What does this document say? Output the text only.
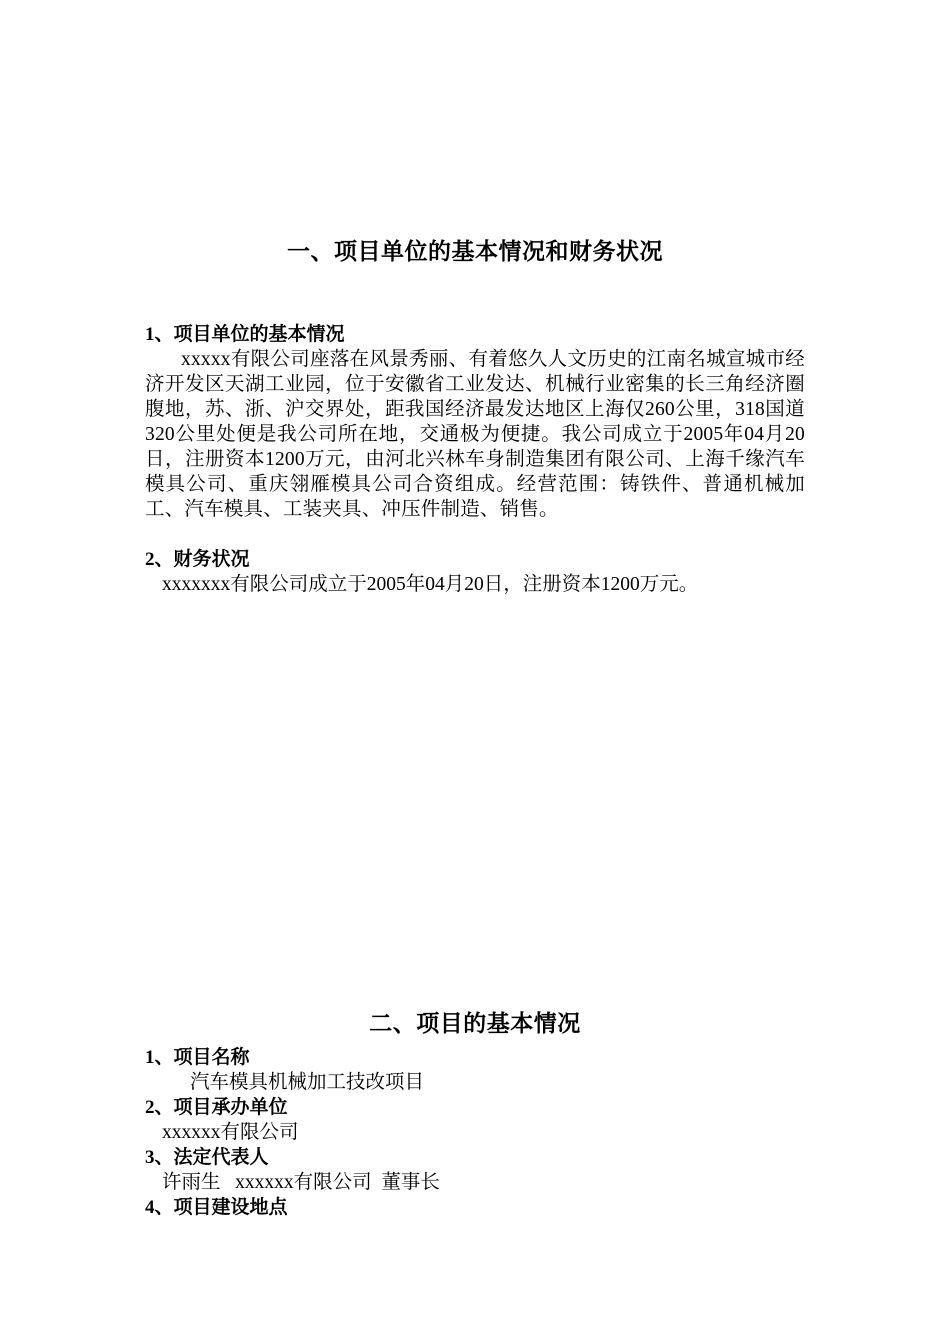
一、项目单位的基本情况和财务状况
1、项目单位的基本情况
xxxxx有限公司座落在风景秀丽、有着悠久人文历史的江南名城宣城市经济开发区天湖工业园，位于安徽省工业发达、机械行业密集的长三角经济圈腹地，苏、浙、沪交界处，距我国经济最发达地区上海仅260公里，318国道320公里处便是我公司所在地，交通极为便捷。我公司成立于2005年04月20日，注册资本1200万元，由河北兴林车身制造集团有限公司、上海千缘汽车模具公司、重庆翎雁模具公司合资组成。经营范围：铸铁件、普通机械加工、汽车模具、工装夹具、冲压件制造、销售。
2、财务状况
xxxxxxx有限公司成立于2005年04月20日，注册资本1200万元。
二、项目的基本情况
1、项目名称
汽车模具机械加工技改项目
2、项目承办单位
xxxxxx有限公司
3、法定代表人
许雨生   xxxxxx有限公司  董事长
4、项目建设地点
